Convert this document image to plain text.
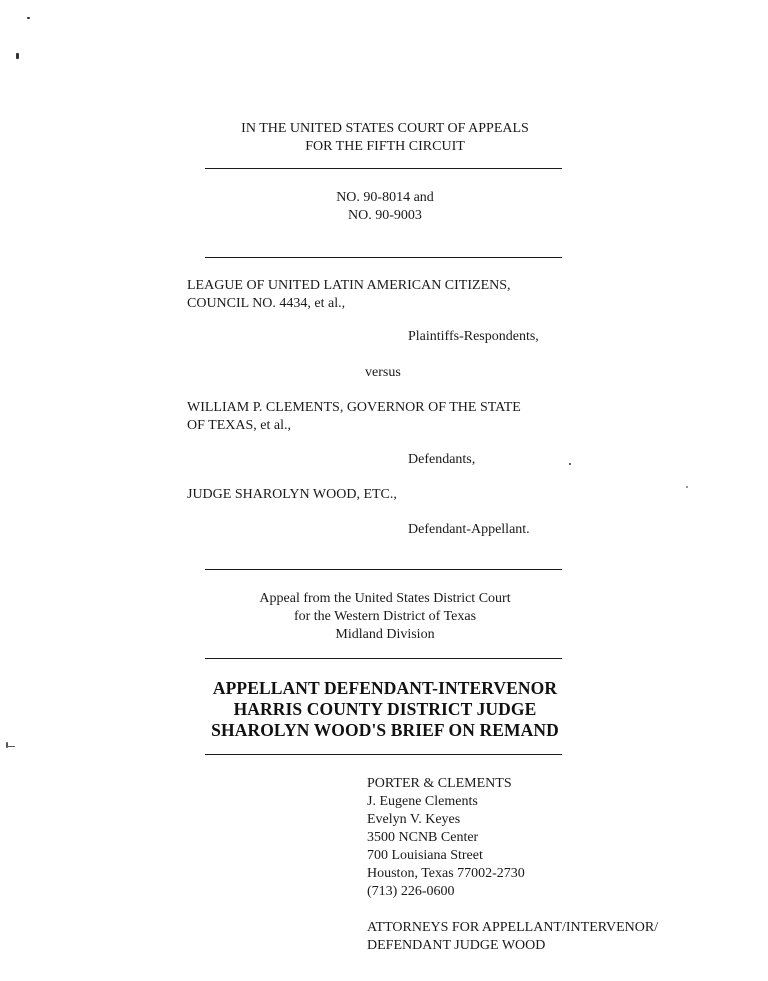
IN THE UNITED STATES COURT OF APPEALS
FOR THE FIFTH CIRCUIT
NO. 90-8014 and
NO. 90-9003
LEAGUE OF UNITED LATIN AMERICAN CITIZENS,
COUNCIL NO. 4434, et al.,
Plaintiffs-Respondents,
versus
WILLIAM P. CLEMENTS, GOVERNOR OF THE STATE
OF TEXAS, et al.,
Defendants,
JUDGE SHAROLYN WOOD, ETC.,
Defendant-Appellant.
Appeal from the United States District Court
for the Western District of Texas
Midland Division
APPELLANT DEFENDANT-INTERVENOR
HARRIS COUNTY DISTRICT JUDGE
SHAROLYN WOOD'S BRIEF ON REMAND
PORTER & CLEMENTS
J. Eugene Clements
Evelyn V. Keyes
3500 NCNB Center
700 Louisiana Street
Houston, Texas 77002-2730
(713) 226-0600
ATTORNEYS FOR APPELLANT/INTERVENOR/
DEFENDANT JUDGE WOOD
